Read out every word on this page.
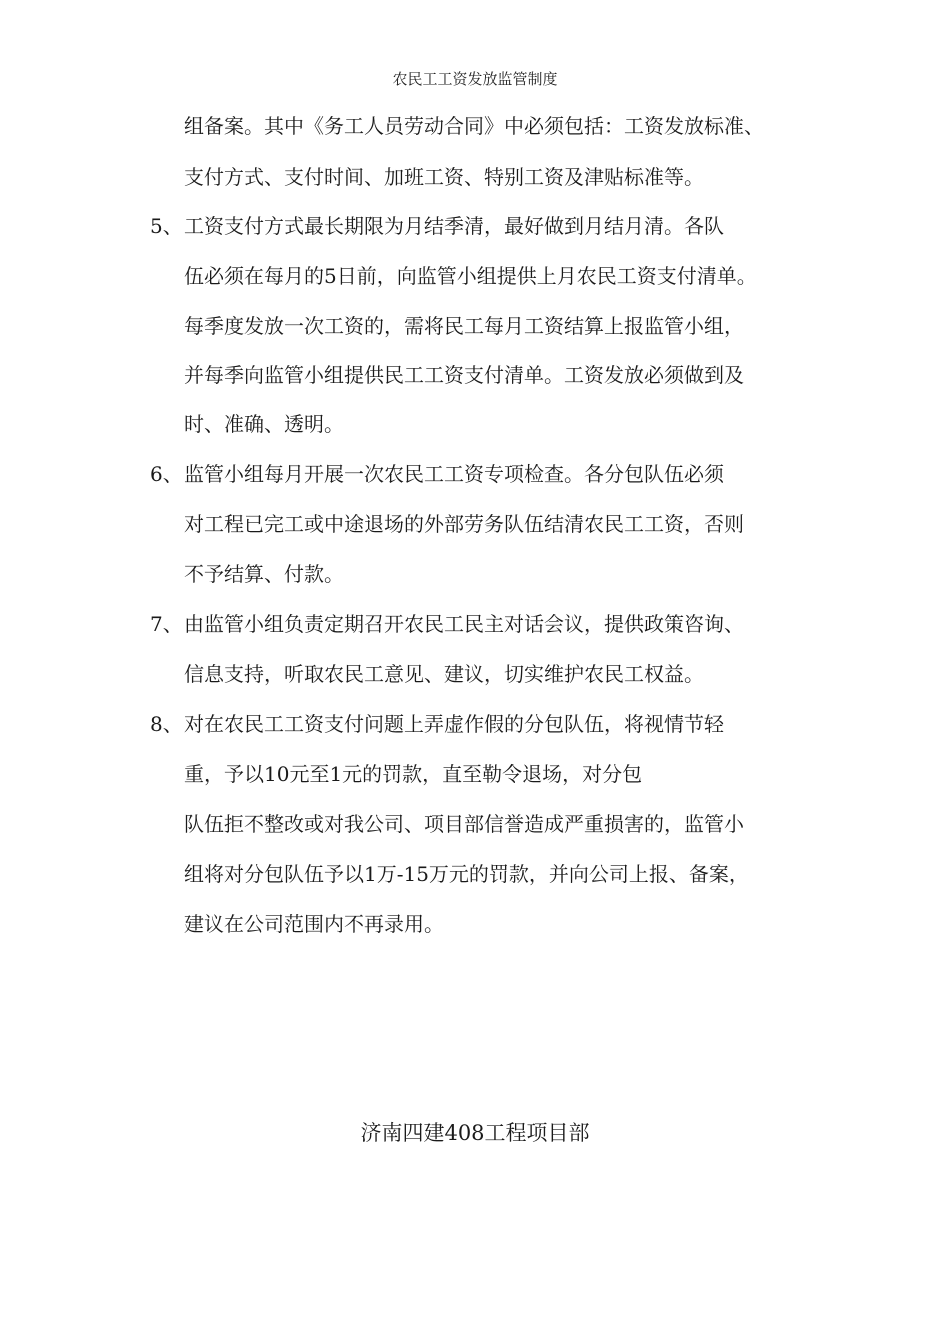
农民工工资发放监管制度
组备案。其中《务工人员劳动合同》中必须包括：工资发放标准、
支付方式、支付时间、加班工资、特别工资及津贴标准等。
5、 工资支付方式最长期限为月结季清，最好做到月结月清。各队
伍必须在每月的5日前，向监管小组提供上月农民工资支付清单。
每季度发放一次工资的，需将民工每月工资结算上报监管小组，
并每季向监管小组提供民工工资支付清单。工资发放必须做到及
时、准确、透明。
6、 监管小组每月开展一次农民工工资专项检查。各分包队伍必须
对工程已完工或中途退场的外部劳务队伍结清农民工工资，否则
不予结算、付款。
7、 由监管小组负责定期召开农民工民主对话会议，提供政策咨询、
信息支持，听取农民工意见、建议，切实维护农民工权益。
8、 对在农民工工资支付问题上弄虚作假的分包队伍，将视情节轻
重，予以10元至1元的罚款，直至勒令退场，对分包
队伍拒不整改或对我公司、项目部信誉造成严重损害的，监管小
组将对分包队伍予以1万-15万元的罚款，并向公司上报、备案，
建议在公司范围内不再录用。
济南四建408工程项目部
